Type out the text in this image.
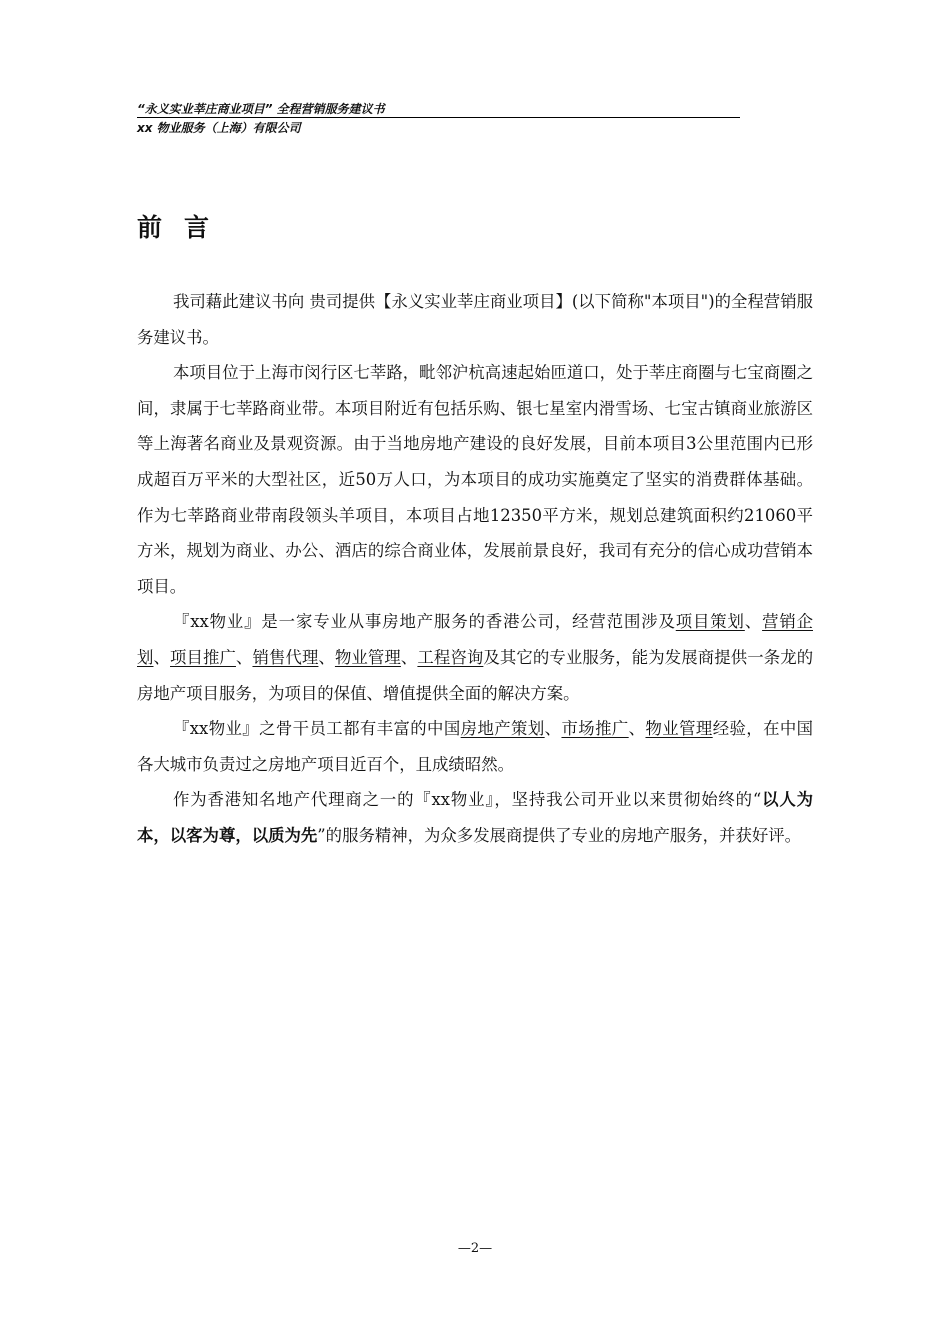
“永义实业莘庄商业项目” 全程营销服务建议书
xx 物业服务（上海）有限公司
前言

我司藉此建议书向 贵司提供【永义实业莘庄商业项目】(以下简称"本项目")的全程营销服务建议书。

本项目位于上海市闵行区七莘路，毗邻沪杭高速起始匝道口，处于莘庄商圈与七宝商圈之间，隶属于七莘路商业带。本项目附近有包括乐购、银七星室内滑雪场、七宝古镇商业旅游区等上海著名商业及景观资源。由于当地房地产建设的良好发展，目前本项目3公里范围内已形成超百万平米的大型社区，近50万人口，为本项目的成功实施奠定了坚实的消费群体基础。作为七莘路商业带南段领头羊项目，本项目占地12350平方米，规划总建筑面积约21060平方米，规划为商业、办公、酒店的综合商业体，发展前景良好，我司有充分的信心成功营销本项目。

『xx物业』是一家专业从事房地产服务的香港公司，经营范围涉及项目策划、营销企划、项目推广、销售代理、物业管理、工程咨询及其它的专业服务，能为发展商提供一条龙的房地产项目服务，为项目的保值、增值提供全面的解决方案。

『xx物业』之骨干员工都有丰富的中国房地产策划、市场推广、物业管理经验，在中国各大城市负责过之房地产项目近百个，且成绩昭然。

作为香港知名地产代理商之一的『xx物业』，坚持我公司开业以来贯彻始终的“以人为本，以客为尊，以质为先”的服务精神，为众多发展商提供了专业的房地产服务，并获好评。

—2—
